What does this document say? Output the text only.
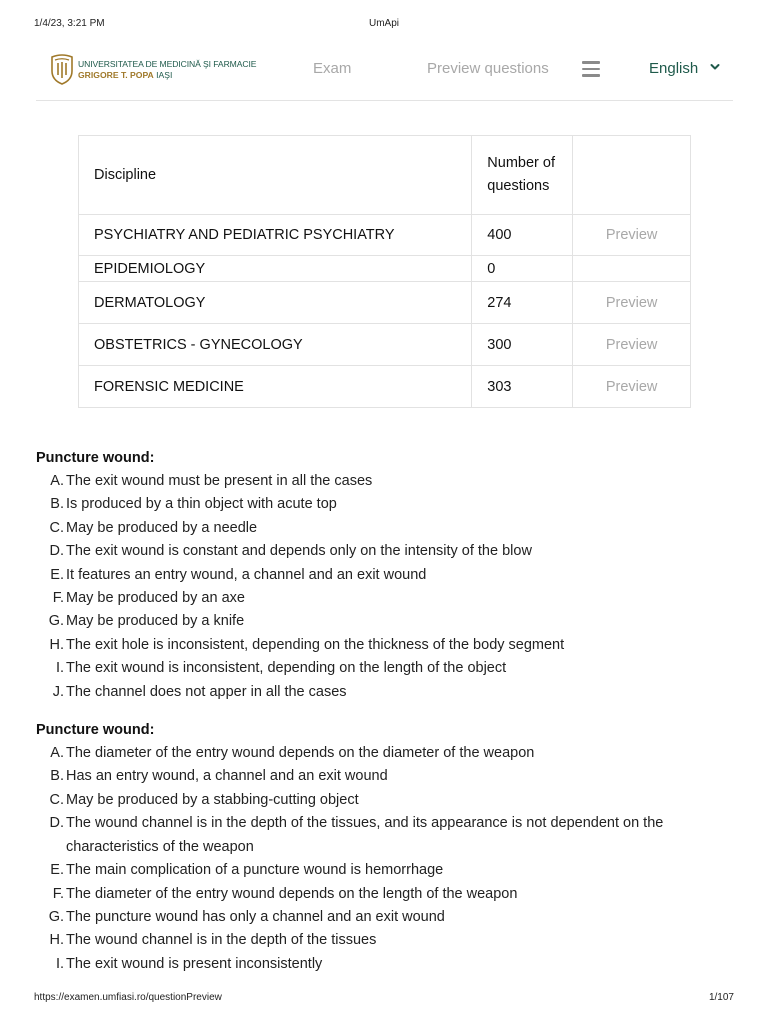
1/4/23, 3:21 PM	UmApi
UNIVERSITATEA DE MEDICINĂ ŞI FARMACIE
GRIGORE T. POPA IAŞI	Exam	Preview questions	English
Discipline	Number of questions	
PSYCHIATRY AND PEDIATRIC PSYCHIATRY	400	Preview
EPIDEMIOLOGY	0	
DERMATOLOGY	274	Preview
OBSTETRICS - GYNECOLOGY	300	Preview
FORENSIC MEDICINE	303	Preview
Puncture wound:
A. The exit wound must be present in all the cases
B. Is produced by a thin object with acute top
C. May be produced by a needle
D. The exit wound is constant and depends only on the intensity of the blow
E. It features an entry wound, a channel and an exit wound
F. May be produced by an axe
G. May be produced by a knife
H. The exit hole is inconsistent, depending on the thickness of the body segment
I. The exit wound is inconsistent, depending on the length of the object
J. The channel does not apper in all the cases
Puncture wound:
A. The diameter of the entry wound depends on the diameter of the weapon
B. Has an entry wound, a channel and an exit wound
C. May be produced by a stabbing-cutting object
D. The wound channel is in the depth of the tissues, and its appearance is not dependent on the characteristics of the weapon
E. The main complication of a puncture wound is hemorrhage
F. The diameter of the entry wound depends on the length of the weapon
G. The puncture wound has only a channel and an exit wound
H. The wound channel is in the depth of the tissues
I. The exit wound is present inconsistently
https://examen.umfiasi.ro/questionPreview	1/107
